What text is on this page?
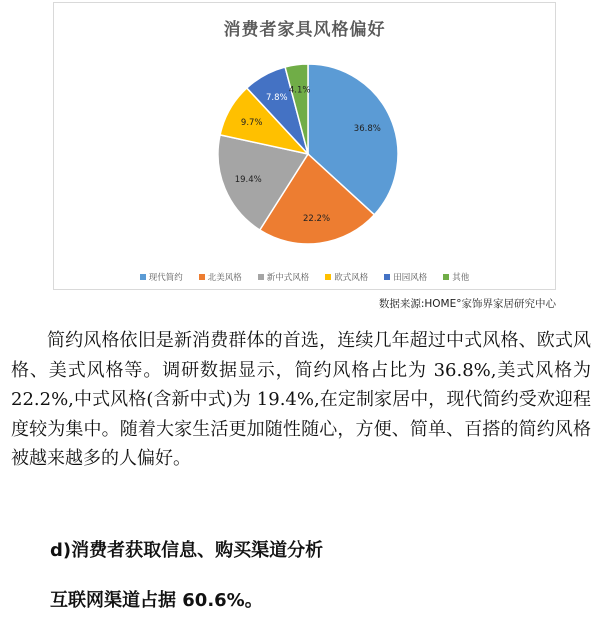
消费者家具风格偏好
36.8%
22.2%
19.4%
9.7%
7.8%
4.1%
现代简约	北美风格	新中式风格	欧式风格	田园风格	其他
数据来源:HOME°家饰界家居研究中心
简约风格依旧是新消费群体的首选，连续几年超过中式风格、欧式风格、美式风格等。调研数据显示，简约风格占比为 36.8%,美式风格为 22.2%,中式风格(含新中式)为 19.4%,在定制家居中，现代简约受欢迎程度较为集中。随着大家生活更加随性随心，方便、简单、百搭的简约风格被越来越多的人偏好。
d)消费者获取信息、购买渠道分析
互联网渠道占据 60.6%。
